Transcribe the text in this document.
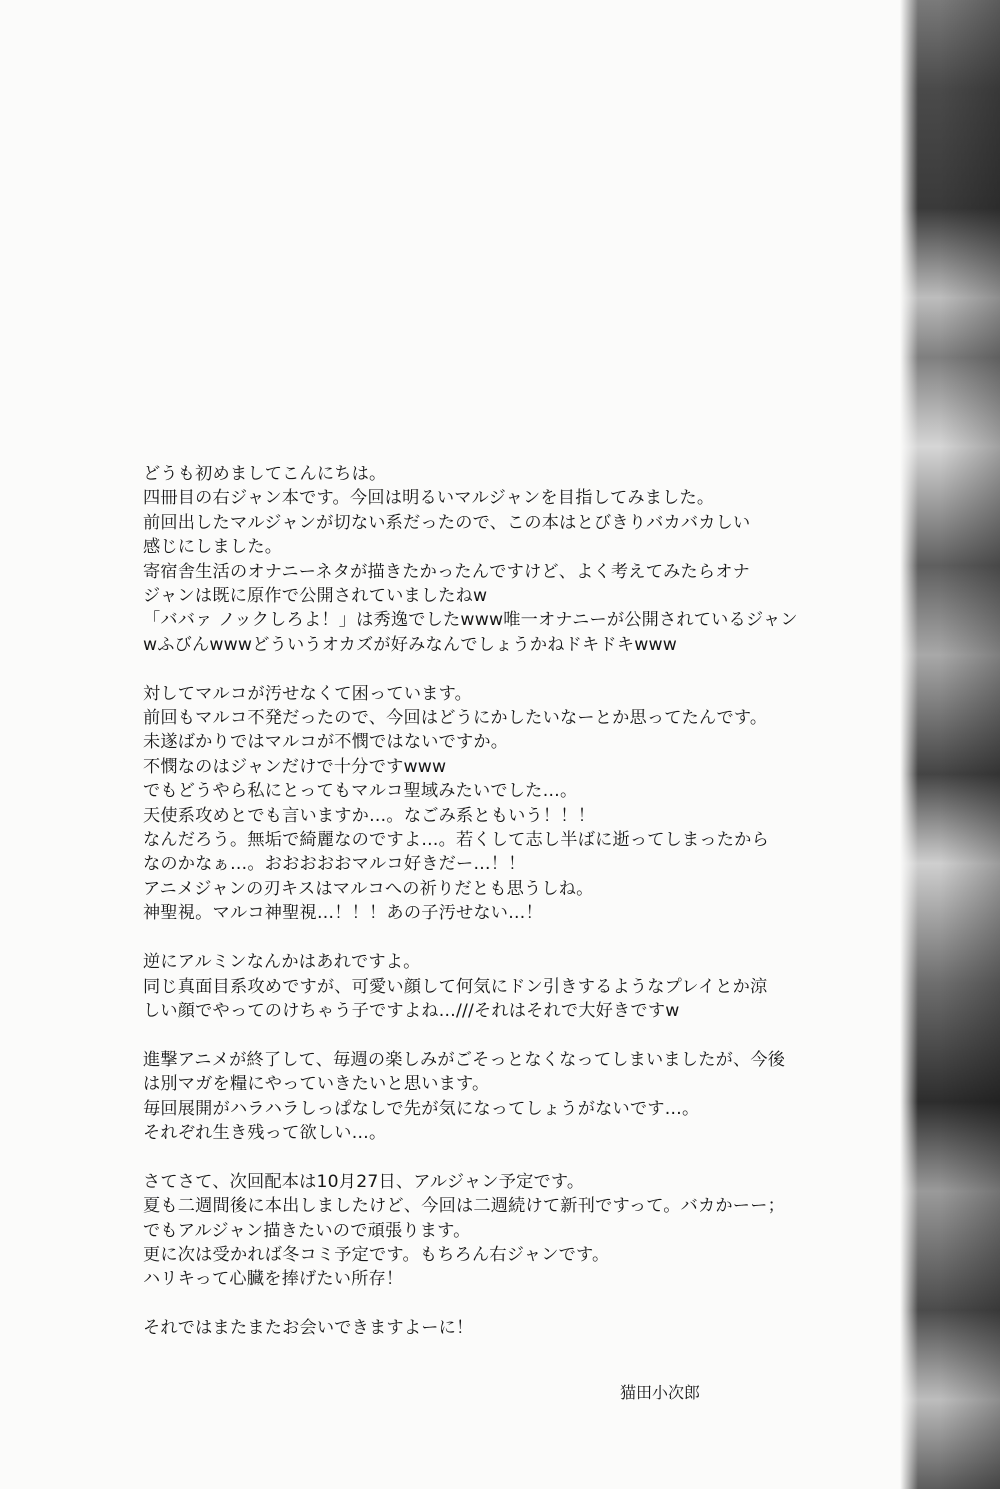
どうも初めましてこんにちは。
四冊目の右ジャン本です。今回は明るいマルジャンを目指してみました。
前回出したマルジャンが切ない系だったので、この本はとびきりバカバカしい
感じにしました。
寄宿舎生活のオナニーネタが描きたかったんですけど、よく考えてみたらオナ
ジャンは既に原作で公開されていましたねw
「ババァ ノックしろよ！」は秀逸でしたwww唯一オナニーが公開されているジャン
wふびんwwwどういうオカズが好みなんでしょうかねドキドキwww
対してマルコが汚せなくて困っています。
前回もマルコ不発だったので、今回はどうにかしたいなーとか思ってたんです。
未遂ばかりではマルコが不憫ではないですか。
不憫なのはジャンだけで十分ですwww
でもどうやら私にとってもマルコ聖域みたいでした…。
天使系攻めとでも言いますか…。なごみ系ともいう！！！
なんだろう。無垢で綺麗なのですよ…。若くして志し半ばに逝ってしまったから
なのかなぁ…。おおおおおマルコ好きだー…！！
アニメジャンの刃キスはマルコへの祈りだとも思うしね。
神聖視。マルコ神聖視…！！！あの子汚せない…！
逆にアルミンなんかはあれですよ。
同じ真面目系攻めですが、可愛い顔して何気にドン引きするようなプレイとか涼
しい顔でやってのけちゃう子ですよね…///それはそれで大好きですw
進撃アニメが終了して、毎週の楽しみがごそっとなくなってしまいましたが、今後
は別マガを糧にやっていきたいと思います。
毎回展開がハラハラしっぱなしで先が気になってしょうがないです…。
それぞれ生き残って欲しい…。
さてさて、次回配本は10月27日、アルジャン予定です。
夏も二週間後に本出しましたけど、今回は二週続けて新刊ですって。バカかーー；
でもアルジャン描きたいので頑張ります。
更に次は受かれば冬コミ予定です。もちろん右ジャンです。
ハリキって心臓を捧げたい所存！
それではまたまたお会いできますよーに！
猫田小次郎
